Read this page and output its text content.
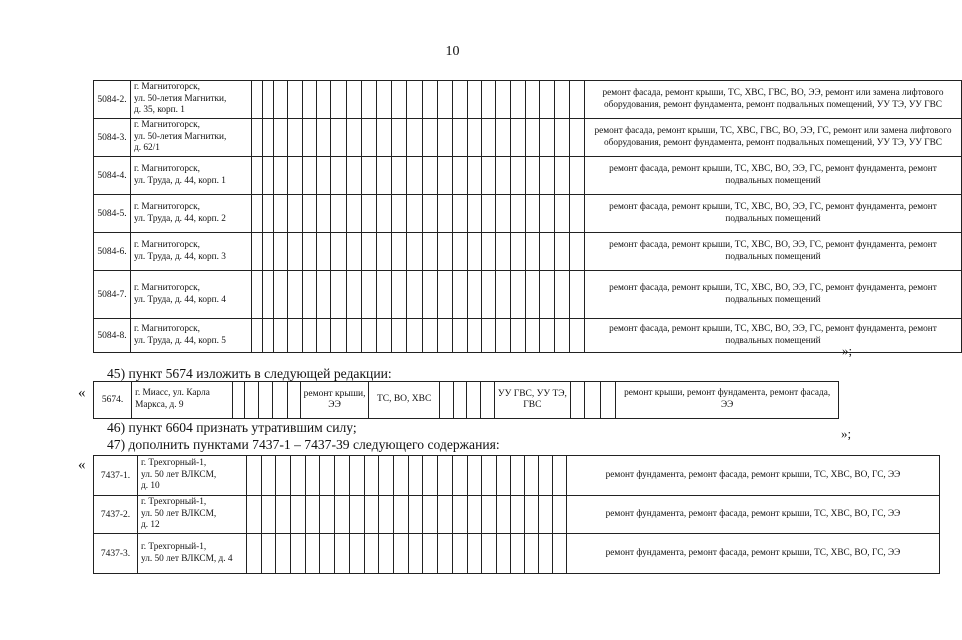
10
5084-2.	г. Магнитогорск,
ул. 50-летия Магнитки,
д. 35, корп. 1																								ремонт фасада, ремонт крыши, ТС, ХВС, ГВС, ВО, ЭЭ, ремонт или замена лифтового оборудования, ремонт фундамента, ремонт подвальных помещений, УУ ТЭ, УУ ГВС
5084-3.	г. Магнитогорск,
ул. 50-летия Магнитки,
д. 62/1																								ремонт фасада, ремонт крыши, ТС, ХВС, ГВС, ВО, ЭЭ, ГС, ремонт или замена лифтового оборудования, ремонт фундамента, ремонт подвальных помещений, УУ ТЭ, УУ ГВС
5084-4.	г. Магнитогорск,
ул. Труда, д. 44, корп. 1																								ремонт фасада, ремонт крыши, ТС, ХВС, ВО, ЭЭ, ГС, ремонт фундамента, ремонт подвальных помещений
5084-5.	г. Магнитогорск,
ул. Труда, д. 44, корп. 2																								ремонт фасада, ремонт крыши, ТС, ХВС, ВО, ЭЭ, ГС, ремонт фундамента, ремонт подвальных помещений
5084-6.	г. Магнитогорск,
ул. Труда, д. 44, корп. 3																								ремонт фасада, ремонт крыши, ТС, ХВС, ВО, ЭЭ, ГС, ремонт фундамента, ремонт подвальных помещений
5084-7.	г. Магнитогорск,
ул. Труда, д. 44, корп. 4																								ремонт фасада, ремонт крыши, ТС, ХВС, ВО, ЭЭ, ГС, ремонт фундамента, ремонт подвальных помещений
5084-8.	г. Магнитогорск,
ул. Труда, д. 44, корп. 5																								ремонт фасада, ремонт крыши, ТС, ХВС, ВО, ЭЭ, ГС, ремонт фундамента, ремонт подвальных помещений
»;
45) пункт 5674 изложить в следующей редакции:
« 5674.	г. Миасс, ул. Карла
Маркса, д. 9						ремонт крыши, ЭЭ	ТС, ВО, ХВС					УУ ГВС, УУ ТЭ, ГВС				ремонт крыши, ремонт фундамента, ремонт фасада, ЭЭ
»;
46) пункт 6604 признать утратившим силу;
47) дополнить пунктами 7437-1 – 7437-39 следующего содержания:
«
7437-1.	г. Трехгорный-1,
ул. 50 лет ВЛКСМ,
д. 10																							ремонт фундамента, ремонт фасада, ремонт крыши, ТС, ХВС, ВО, ГС, ЭЭ
7437-2.	г. Трехгорный-1,
ул. 50 лет ВЛКСМ,
д. 12																							ремонт фундамента, ремонт фасада, ремонт крыши, ТС, ХВС, ВО, ГС, ЭЭ
7437-3.	г. Трехгорный-1,
ул. 50 лет ВЛКСМ, д. 4																							ремонт фундамента, ремонт фасада, ремонт крыши, ТС, ХВС, ВО, ГС, ЭЭ
